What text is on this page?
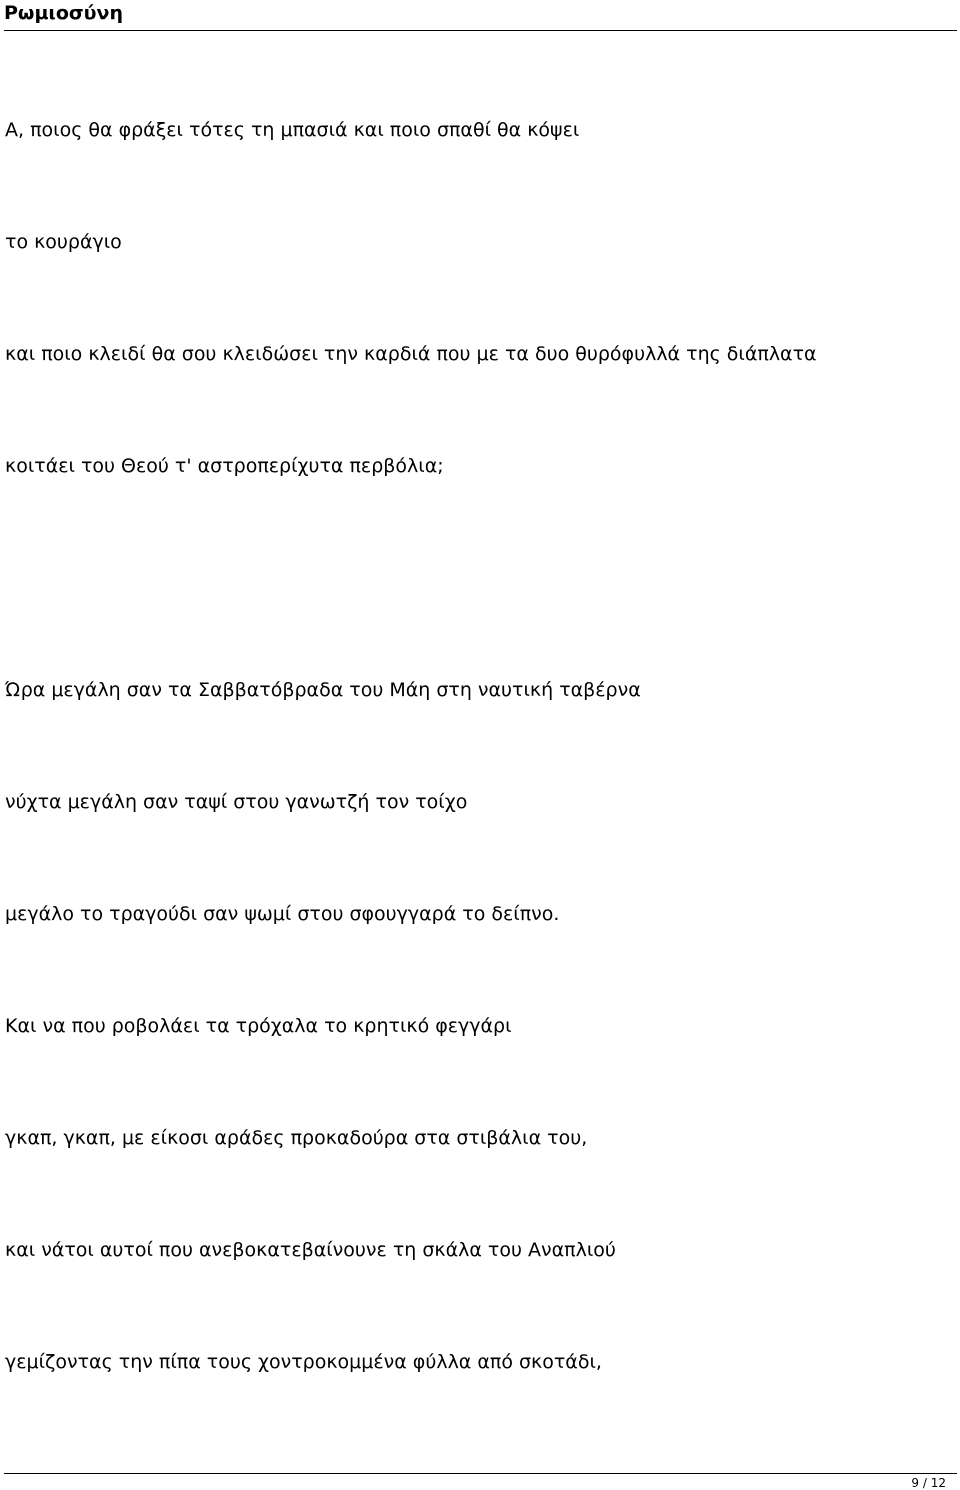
Ρωμιοσύνη
Α, ποιος θα φράξει τότες τη μπασιά και ποιο σπαθί θα κόψει
το κουράγιο
και ποιο κλειδί θα σου κλειδώσει την καρδιά που με τα δυο θυρόφυλλά της διάπλατα
κοιτάει του Θεού τ' αστροπερίχυτα περβόλια;
Ώρα μεγάλη σαν τα Σαββατόβραδα του Μάη στη ναυτική ταβέρνα
νύχτα μεγάλη σαν ταψί στου γανωτζή τον τοίχο
μεγάλο το τραγούδι σαν ψωμί στου σφουγγαρά το δείπνο.
Και να που ροβολάει τα τρόχαλα το κρητικό φεγγάρι
γκαπ, γκαπ, με είκοσι αράδες προκαδούρα στα στιβάλια του,
και νάτοι αυτοί που ανεβοκατεβαίνουνε τη σκάλα του Αναπλιού
γεμίζοντας την πίπα τους χοντροκομμένα φύλλα από σκοτάδι,
9 / 12
